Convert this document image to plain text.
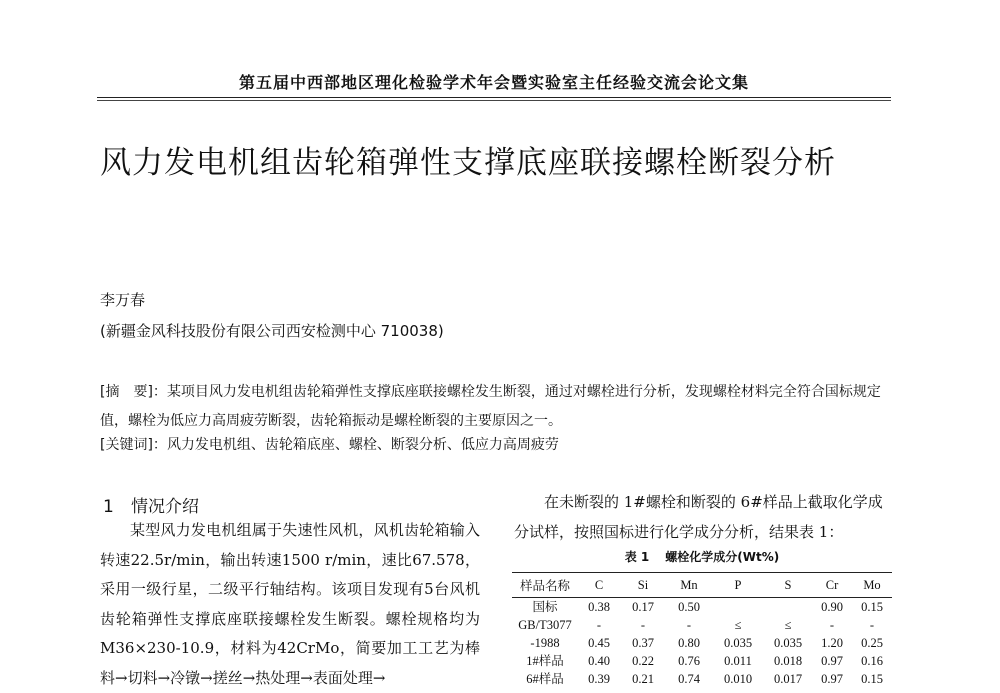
第五届中西部地区理化检验学术年会暨实验室主任经验交流会论文集
风力发电机组齿轮箱弹性支撑底座联接螺栓断裂分析
李万春
(新疆金风科技股份有限公司西安检测中心 710038)
[摘　要]：某项目风力发电机组齿轮箱弹性支撑底座联接螺栓发生断裂，通过对螺栓进行分析，发现螺栓材料完全符合国标规定值，螺栓为低应力高周疲劳断裂，齿轮箱振动是螺栓断裂的主要原因之一。
[关键词]：风力发电机组、齿轮箱底座、螺栓、断裂分析、低应力高周疲劳
1 情况介绍

某型风力发电机组属于失速性风机，风机齿轮箱输入转速22.5r/min，输出转速1500 r/min，速比67.578，采用一级行星，二级平行轴结构。该项目发现有5台风机齿轮箱弹性支撑底座联接螺栓发生断裂。螺栓规格均为M36×230-10.9，材料为42CrMo，简要加工工艺为棒料→切料→冷镦→搓丝→热处理→表面处理→

在未断裂的 1#螺栓和断裂的 6#样品上截取化学成分试样，按照国标进行化学成分分析，结果表 1：

表 1 螺栓化学成分(Wt%)
样品名称	C	Si	Mn	P	S	Cr	Mo
国标	0.38	0.17	0.50			0.90	0.15
GB/T3077	-	-	-	≤	≤	-	-
-1988	0.45	0.37	0.80	0.035	0.035	1.20	0.25
1#样品	0.40	0.22	0.76	0.011	0.018	0.97	0.16
6#样品	0.39	0.21	0.74	0.010	0.017	0.97	0.15
